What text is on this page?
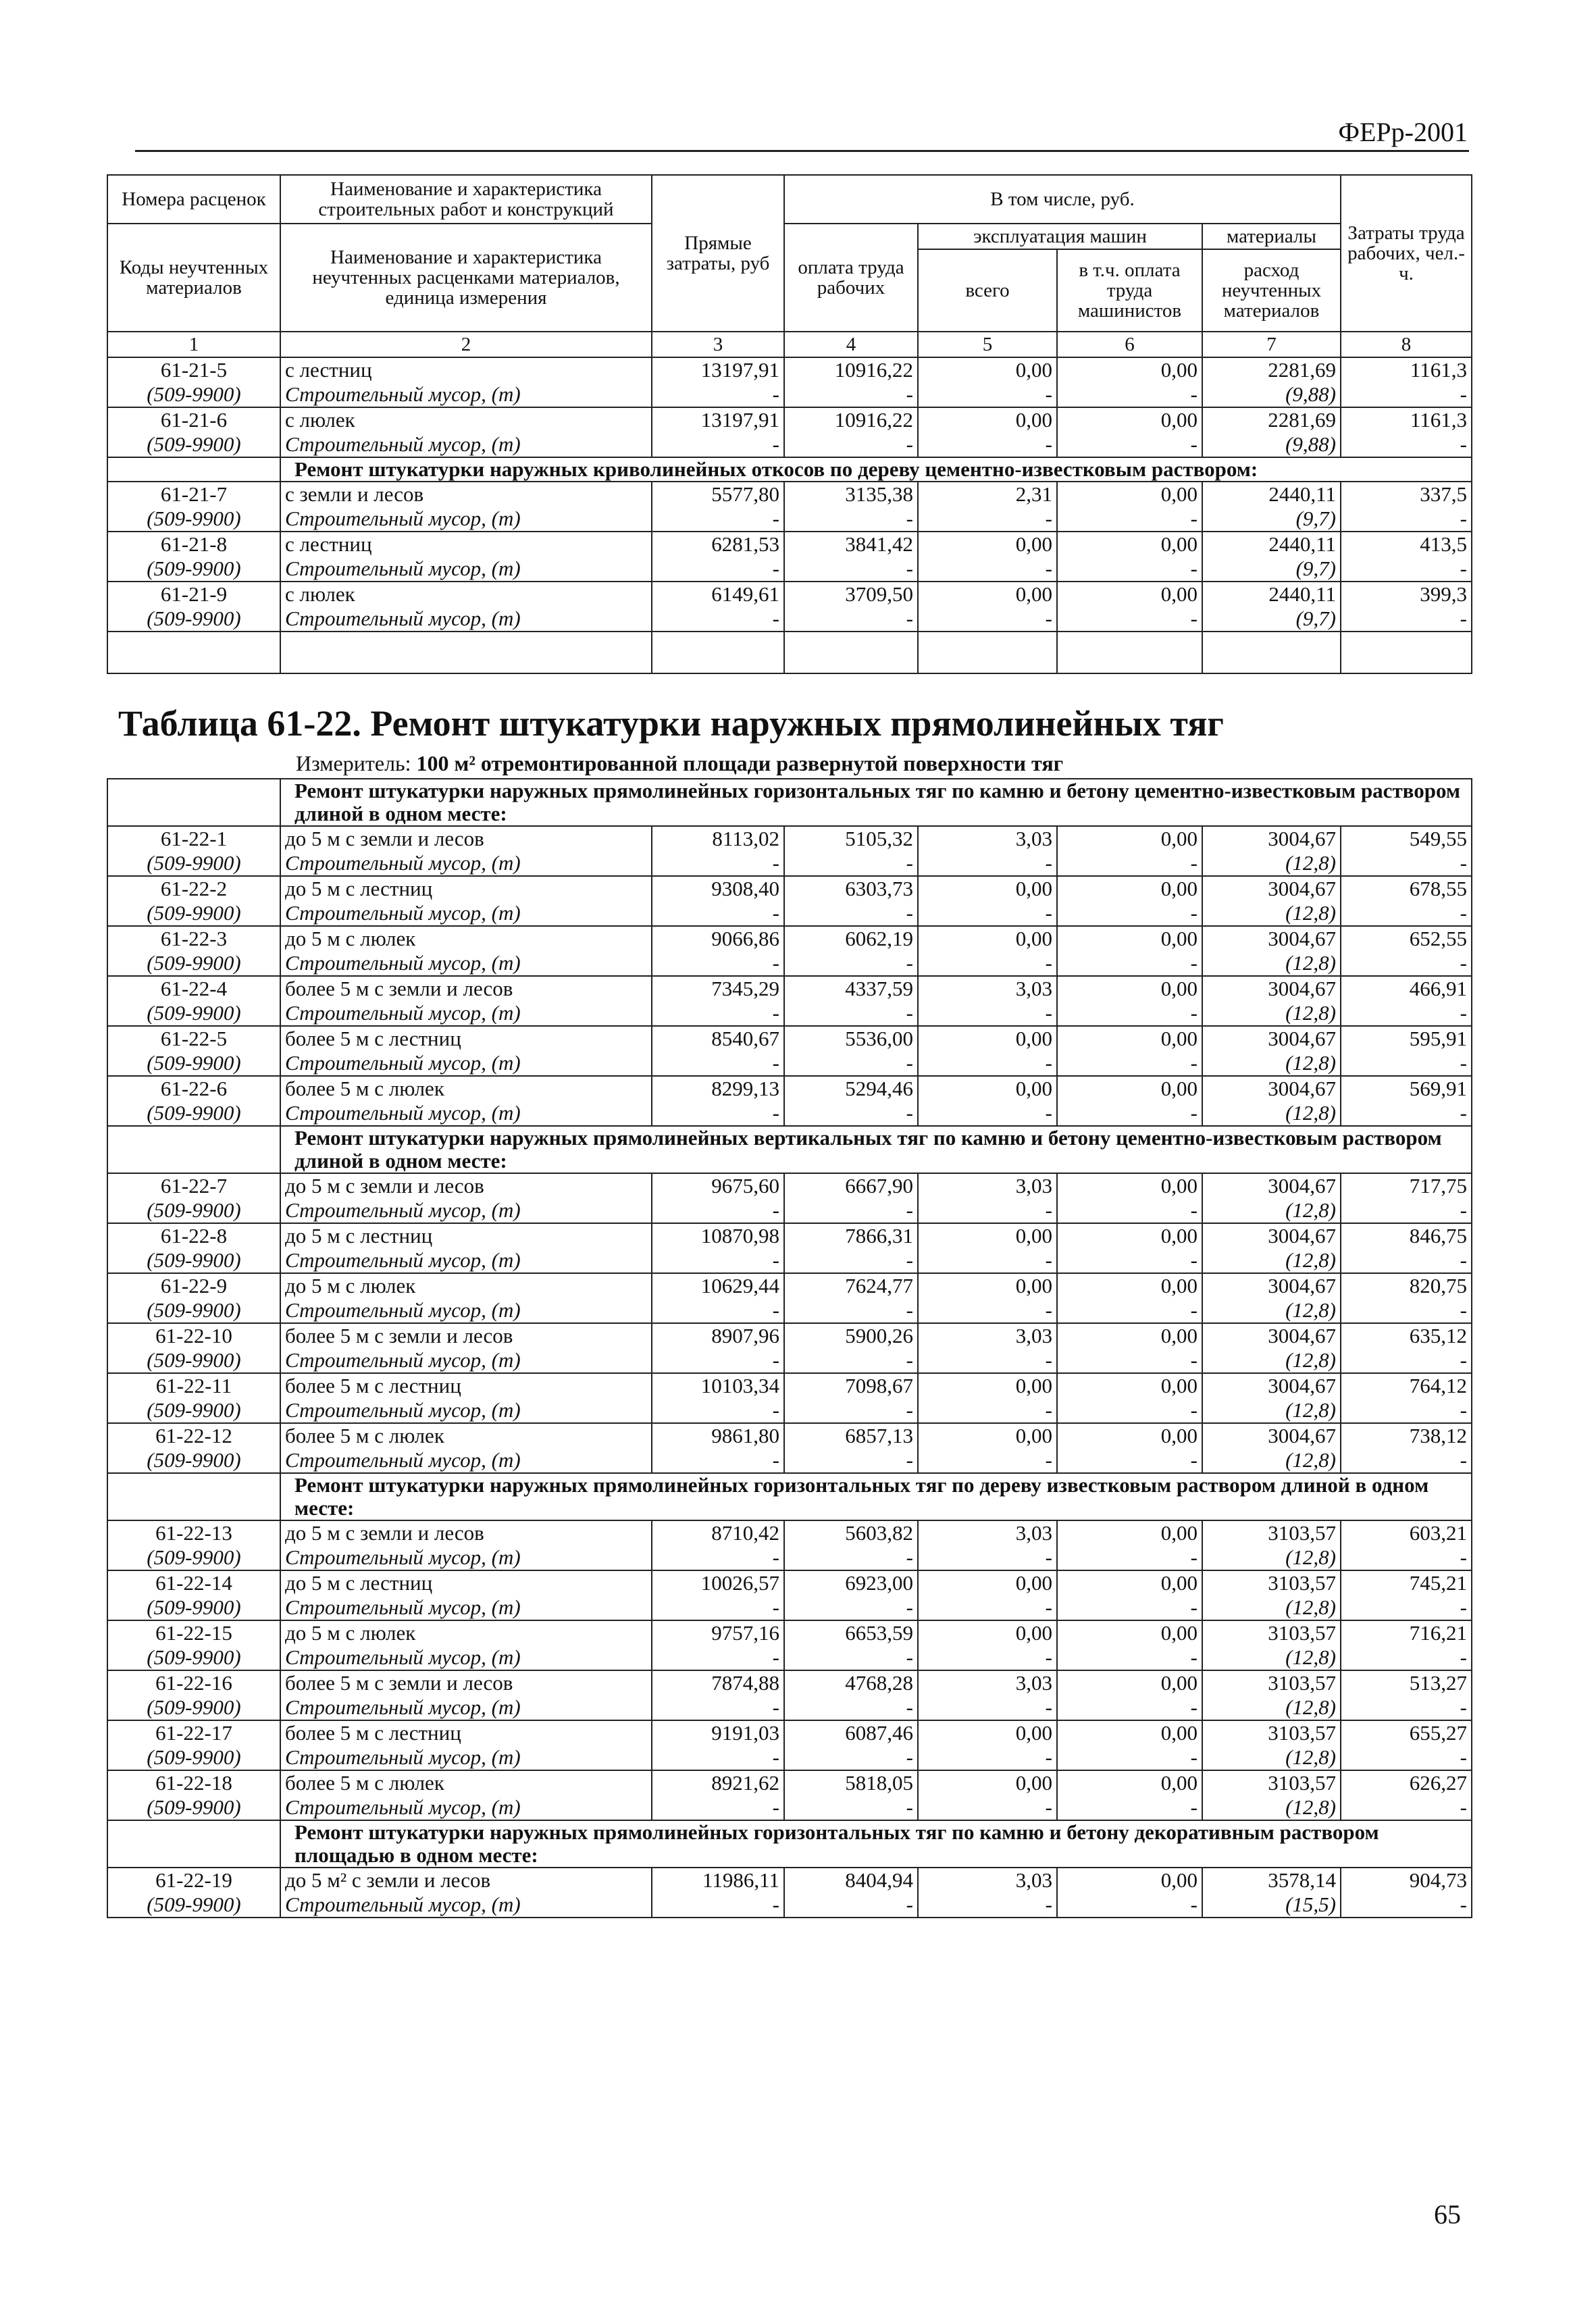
ФЕРр-2001
Номера расценок	Наименование и характеристика строительных работ и конструкций	Прямые затраты, руб	В том числе, руб.				Затраты труда рабочих, чел.-ч.
Коды неучтенных материалов	Наименование и характеристика неучтенных расценками материалов, единица измерения		оплата труда рабочих	эксплуатация машин		материалы	
				всего	в т.ч. оплата труда машинистов	расход неучтенных материалов	
1	2	3	4	5	6	7	8
61-21-5	с лестниц	13197,91	10916,22	0,00	0,00	2281,69	1161,3
(509-9900)	Строительный мусор, (т)	-	-	-	-	(9,88)	-
61-21-6	с люлек	13197,91	10916,22	0,00	0,00	2281,69	1161,3
(509-9900)	Строительный мусор, (т)	-	-	-	-	(9,88)	-
	Ремонт штукатурки наружных криволинейных откосов по дереву цементно-известковым раствором:						
61-21-7	с земли и лесов	5577,80	3135,38	2,31	0,00	2440,11	337,5
(509-9900)	Строительный мусор, (т)	-	-	-	-	(9,7)	-
61-21-8	с лестниц	6281,53	3841,42	0,00	0,00	2440,11	413,5
(509-9900)	Строительный мусор, (т)	-	-	-	-	(9,7)	-
61-21-9	с люлек	6149,61	3709,50	0,00	0,00	2440,11	399,3
(509-9900)	Строительный мусор, (т)	-	-	-	-	(9,7)	-

Таблица 61-22. Ремонт штукатурки наружных прямолинейных тяг
Измеритель: 100 м² отремонтированной площади развернутой поверхности тяг
	Ремонт штукатурки наружных прямолинейных горизонтальных тяг по камню и бетону цементно-известковым раствором длиной в одном месте:						
61-22-1	до 5 м с земли и лесов	8113,02	5105,32	3,03	0,00	3004,67	549,55
(509-9900)	Строительный мусор, (т)	-	-	-	-	(12,8)	-
61-22-2	до 5 м с лестниц	9308,40	6303,73	0,00	0,00	3004,67	678,55
(509-9900)	Строительный мусор, (т)	-	-	-	-	(12,8)	-
61-22-3	до 5 м с люлек	9066,86	6062,19	0,00	0,00	3004,67	652,55
(509-9900)	Строительный мусор, (т)	-	-	-	-	(12,8)	-
61-22-4	более 5 м с земли и лесов	7345,29	4337,59	3,03	0,00	3004,67	466,91
(509-9900)	Строительный мусор, (т)	-	-	-	-	(12,8)	-
61-22-5	более 5 м с лестниц	8540,67	5536,00	0,00	0,00	3004,67	595,91
(509-9900)	Строительный мусор, (т)	-	-	-	-	(12,8)	-
61-22-6	более 5 м с люлек	8299,13	5294,46	0,00	0,00	3004,67	569,91
(509-9900)	Строительный мусор, (т)	-	-	-	-	(12,8)	-
	Ремонт штукатурки наружных прямолинейных вертикальных тяг по камню и бетону цементно-известковым раствором длиной в одном месте:						
61-22-7	до 5 м с земли и лесов	9675,60	6667,90	3,03	0,00	3004,67	717,75
(509-9900)	Строительный мусор, (т)	-	-	-	-	(12,8)	-
61-22-8	до 5 м с лестниц	10870,98	7866,31	0,00	0,00	3004,67	846,75
(509-9900)	Строительный мусор, (т)	-	-	-	-	(12,8)	-
61-22-9	до 5 м с люлек	10629,44	7624,77	0,00	0,00	3004,67	820,75
(509-9900)	Строительный мусор, (т)	-	-	-	-	(12,8)	-
61-22-10	более 5 м с земли и лесов	8907,96	5900,26	3,03	0,00	3004,67	635,12
(509-9900)	Строительный мусор, (т)	-	-	-	-	(12,8)	-
61-22-11	более 5 м с лестниц	10103,34	7098,67	0,00	0,00	3004,67	764,12
(509-9900)	Строительный мусор, (т)	-	-	-	-	(12,8)	-
61-22-12	более 5 м с люлек	9861,80	6857,13	0,00	0,00	3004,67	738,12
(509-9900)	Строительный мусор, (т)	-	-	-	-	(12,8)	-
	Ремонт штукатурки наружных прямолинейных горизонтальных тяг по дереву известковым раствором длиной в одном месте:						
61-22-13	до 5 м с земли и лесов	8710,42	5603,82	3,03	0,00	3103,57	603,21
(509-9900)	Строительный мусор, (т)	-	-	-	-	(12,8)	-
61-22-14	до 5 м с лестниц	10026,57	6923,00	0,00	0,00	3103,57	745,21
(509-9900)	Строительный мусор, (т)	-	-	-	-	(12,8)	-
61-22-15	до 5 м с люлек	9757,16	6653,59	0,00	0,00	3103,57	716,21
(509-9900)	Строительный мусор, (т)	-	-	-	-	(12,8)	-
61-22-16	более 5 м с земли и лесов	7874,88	4768,28	3,03	0,00	3103,57	513,27
(509-9900)	Строительный мусор, (т)	-	-	-	-	(12,8)	-
61-22-17	более 5 м с лестниц	9191,03	6087,46	0,00	0,00	3103,57	655,27
(509-9900)	Строительный мусор, (т)	-	-	-	-	(12,8)	-
61-22-18	более 5 м с люлек	8921,62	5818,05	0,00	0,00	3103,57	626,27
(509-9900)	Строительный мусор, (т)	-	-	-	-	(12,8)	-
	Ремонт штукатурки наружных прямолинейных горизонтальных тяг по камню и бетону декоративным раствором площадью в одном месте:						
61-22-19	до 5 м² с земли и лесов	11986,11	8404,94	3,03	0,00	3578,14	904,73
(509-9900)	Строительный мусор, (т)	-	-	-	-	(15,5)	-
65
